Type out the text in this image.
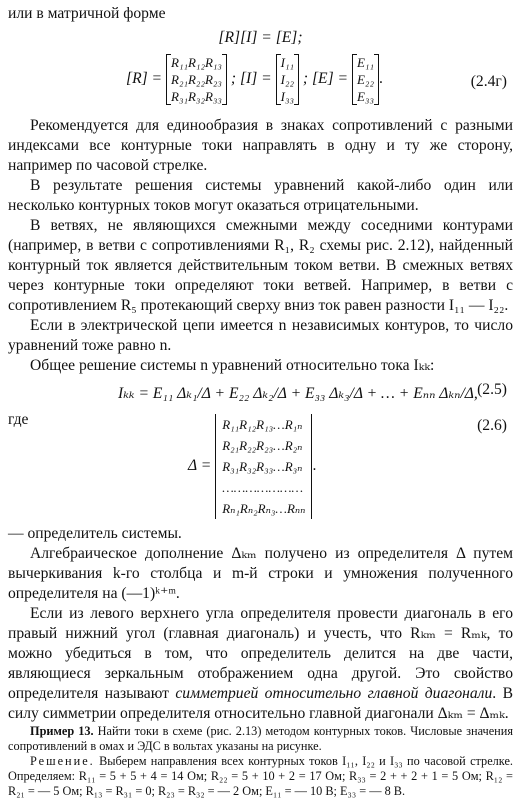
или в матричной форме

[R][I] = [E];

[R] =
R₁₁R₁₂R₁₃
R₂₁R₂₂R₂₃
R₃₁R₃₂R₃₃
; [I] =
I₁₁
I₂₂
I₃₃
; [E] =
E₁₁
E₂₂
E₃₃
.	(2.4г)

Рекомендуется для единообразия в знаках сопротивлений с разными индексами все контурные токи направлять в одну и ту же сторону, например по часовой стрелке.

В результате решения системы уравнений какой-либо один или несколько контурных токов могут оказаться отрицательными.

В ветвях, не являющихся смежными между соседними контурами (например, в ветви с сопротивлениями R₁, R₂ схемы рис. 2.12), найденный контурный ток является действительным током ветви. В смежных ветвях через контурные токи определяют токи ветвей. Например, в ветви с сопротивлением R₅ протекающий сверху вниз ток равен разности I₁₁ — I₂₂.

Если в электрической цепи имеется n независимых контуров, то число уравнений тоже равно n.

Общее решение системы n уравнений относительно тока Iₖₖ:

Iₖₖ = E₁₁ Δₖ₁/Δ + E₂₂ Δₖ₂/Δ + E₃₃ Δₖ₃/Δ + … + Eₙₙ Δₖₙ/Δ, (2.5)

где

Δ =
R₁₁R₁₂R₁₃…R₁ₙ
R₂₁R₂₂R₂₃…R₂ₙ
R₃₁R₃₂R₃₃…R₃ₙ
…………………
Rₙ₁Rₙ₂Rₙ₃…Rₙₙ
.
(2.6)

— определитель системы.

Алгебраическое дополнение Δₖₘ получено из определителя Δ путем вычеркивания k-го столбца и m-й строки и умножения полученного определителя на (—1)ᵏ⁺ᵐ.

Если из левого верхнего угла определителя провести диагональ в его правый нижний угол (главная диагональ) и учесть, что Rₖₘ = Rₘₖ, то можно убедиться в том, что определитель делится на две части, являющиеся зеркальным отображением одна другой. Это свойство определителя называют симметрией относительно главной диагонали. В силу симметрии определителя относительно главной диагонали Δₖₘ = Δₘₖ.

Пример 13. Найти токи в схеме (рис. 2.13) методом контурных токов. Числовые значения сопротивлений в омах и ЭДС в вольтах указаны на рисунке.

Решение. Выберем направления всех контурных токов I₁₁, I₂₂ и I₃₃ по часовой стрелке. Определяем: R₁₁ = 5 + 5 + 4 = 14 Ом; R₂₂ = 5 + 10 + 2 = 17 Ом; R₃₃ = 2 + + 2 + 1 = 5 Ом; R₁₂ = R₂₁ = — 5 Ом; R₁₃ = R₃₁ = 0; R₂₃ = R₃₂ = — 2 Ом; E₁₁ = — 10 В; E₃₃ = — 8 В.
